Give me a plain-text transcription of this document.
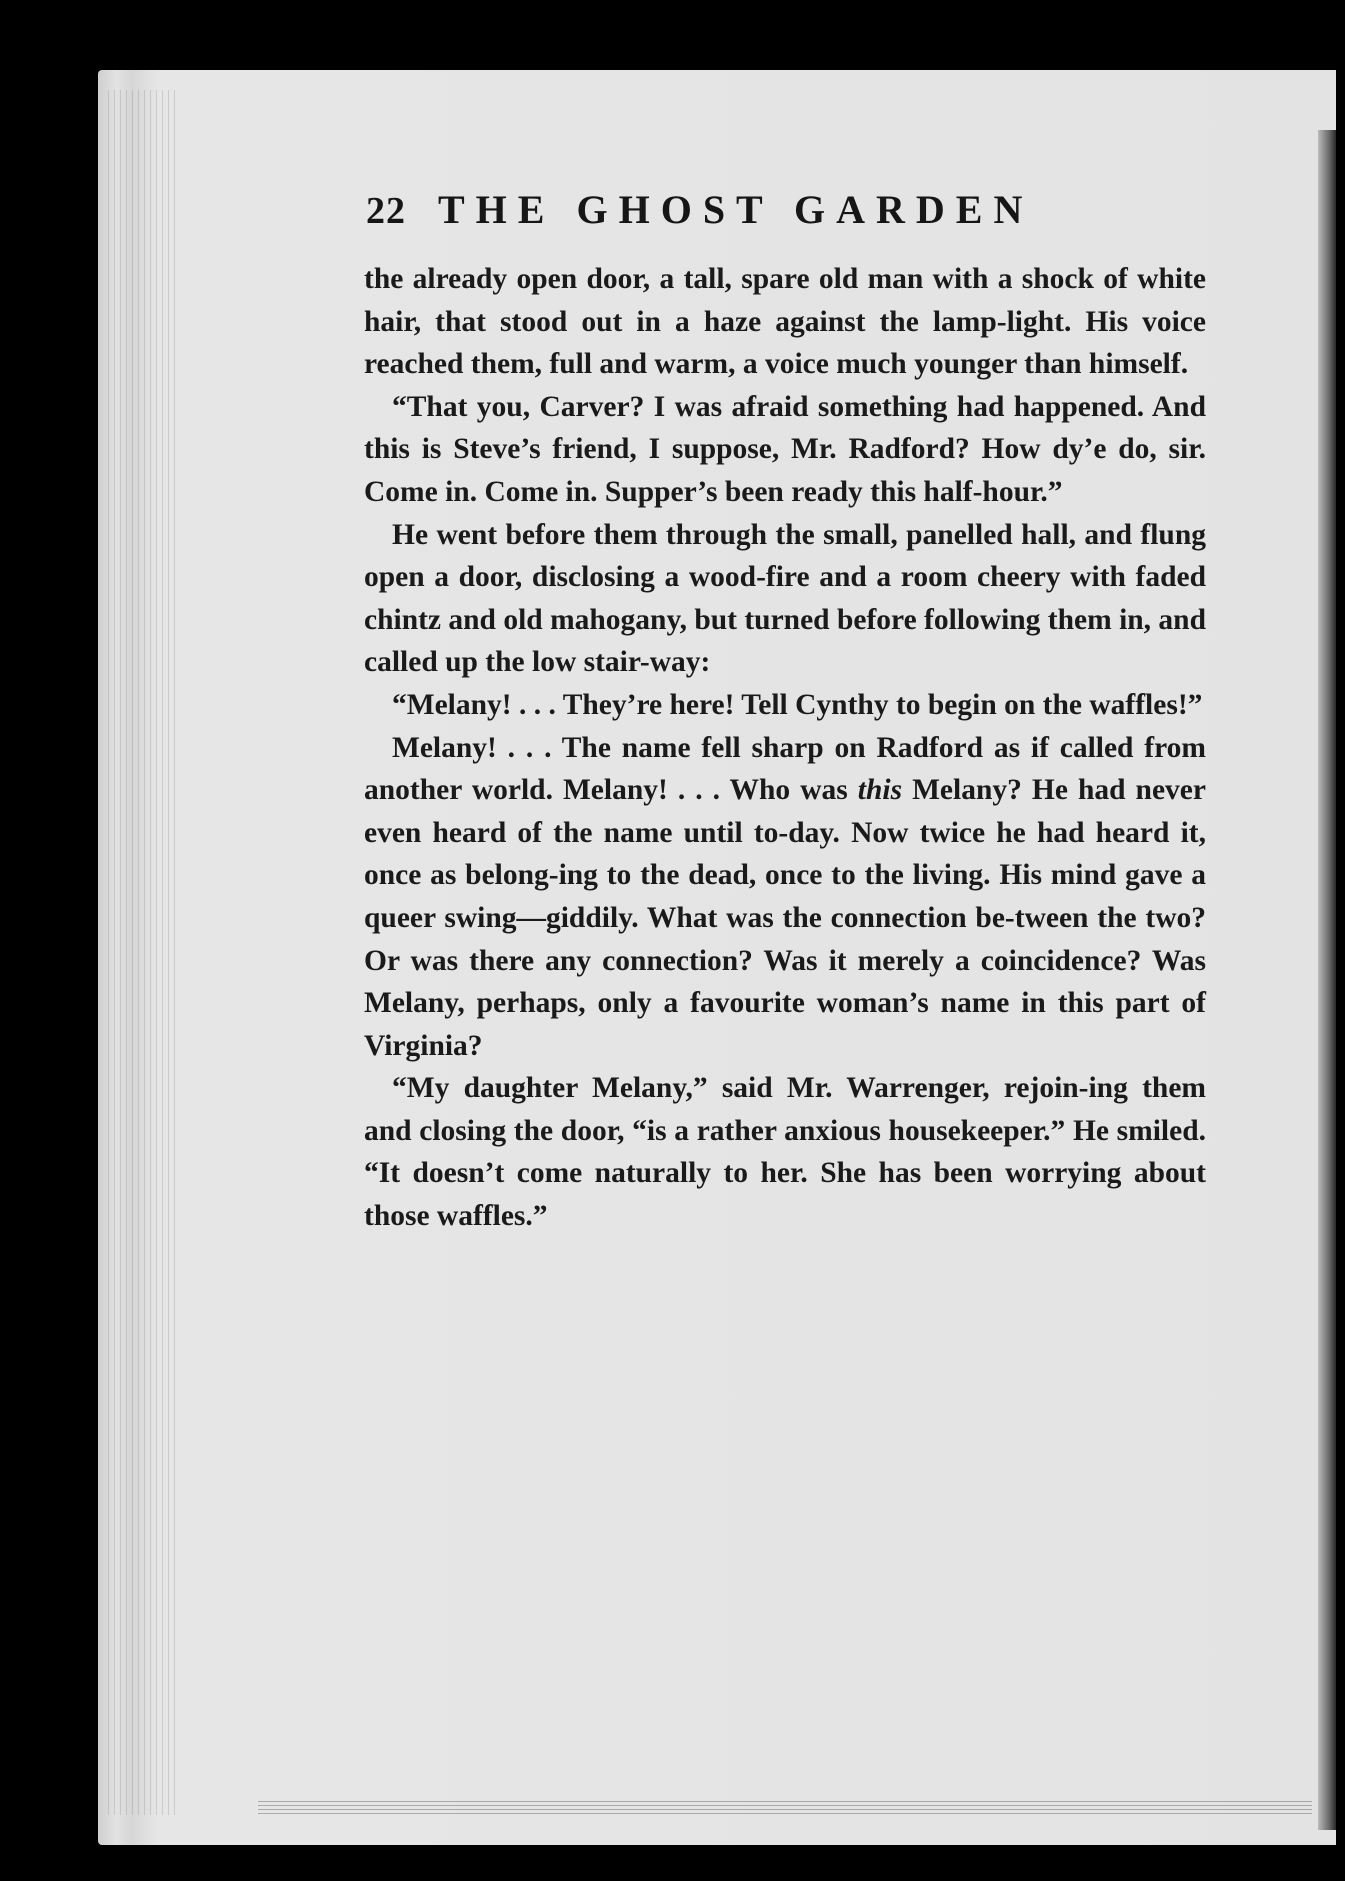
22 THE GHOST GARDEN

the already open door, a tall, spare old man with a shock of white hair, that stood out in a haze against the lamp-light. His voice reached them, full and warm, a voice much younger than himself.

“That you, Carver? I was afraid something had happened. And this is Steve’s friend, I suppose, Mr. Radford? How dy’e do, sir. Come in. Come in. Supper’s been ready this half-hour.”

He went before them through the small, panelled hall, and flung open a door, disclosing a wood-fire and a room cheery with faded chintz and old mahogany, but turned before following them in, and called up the low stair-way:

“Melany! . . . They’re here! Tell Cynthy to begin on the waffles!”

Melany! . . . The name fell sharp on Radford as if called from another world. Melany! . . . Who was this Melany? He had never even heard of the name until to-day. Now twice he had heard it, once as belong-ing to the dead, once to the living. His mind gave a queer swing—giddily. What was the connection be-tween the two? Or was there any connection? Was it merely a coincidence? Was Melany, perhaps, only a favourite woman’s name in this part of Virginia?

“My daughter Melany,” said Mr. Warrenger, rejoin-ing them and closing the door, “is a rather anxious housekeeper.” He smiled. “It doesn’t come naturally to her. She has been worrying about those waffles.”
